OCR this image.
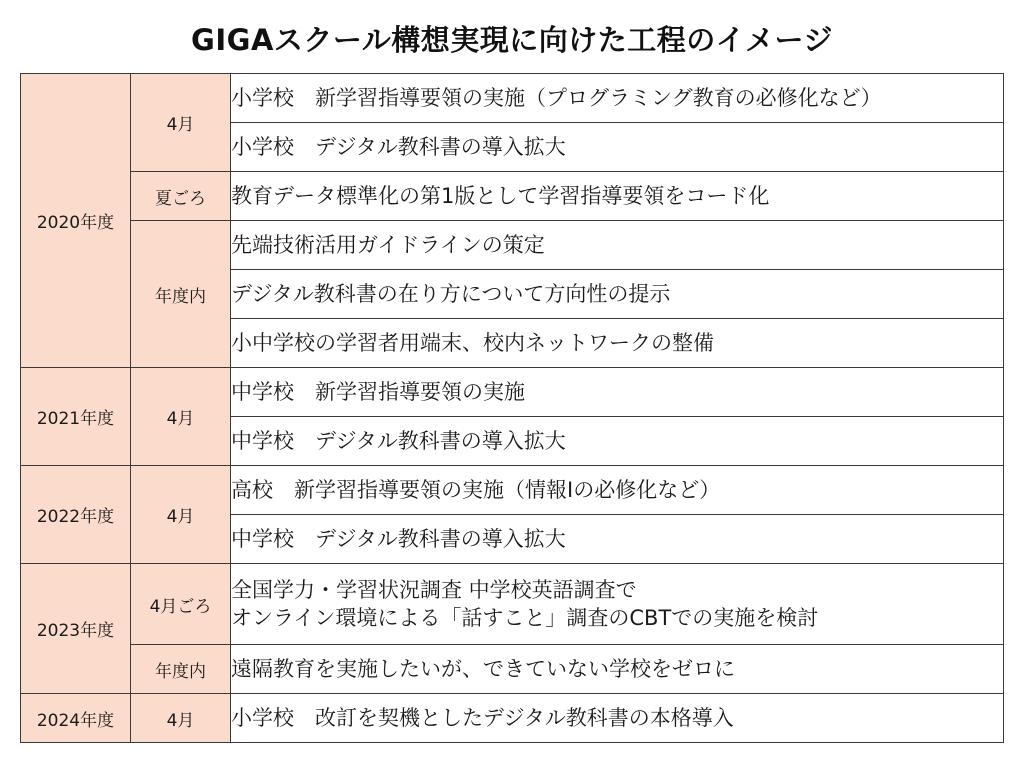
GIGAスクール構想実現に向けた工程のイメージ
2020年度	4月	小学校　新学習指導要領の実施（プログラミング教育の必修化など）
		小学校　デジタル教科書の導入拡大
	夏ごろ	教育データ標準化の第1版として学習指導要領をコード化
	年度内	先端技術活用ガイドラインの策定
		デジタル教科書の在り方について方向性の提示
		小中学校の学習者用端末、校内ネットワークの整備
2021年度	4月	中学校　新学習指導要領の実施
		中学校　デジタル教科書の導入拡大
2022年度	4月	高校　新学習指導要領の実施（情報Ⅰの必修化など）
		中学校　デジタル教科書の導入拡大
2023年度	4月ごろ	全国学力・学習状況調査 中学校英語調査で
オンライン環境による「話すこと」調査のCBTでの実施を検討

	年度内	遠隔教育を実施したいが、できていない学校をゼロに
2024年度	4月	小学校　改訂を契機としたデジタル教科書の本格導入
